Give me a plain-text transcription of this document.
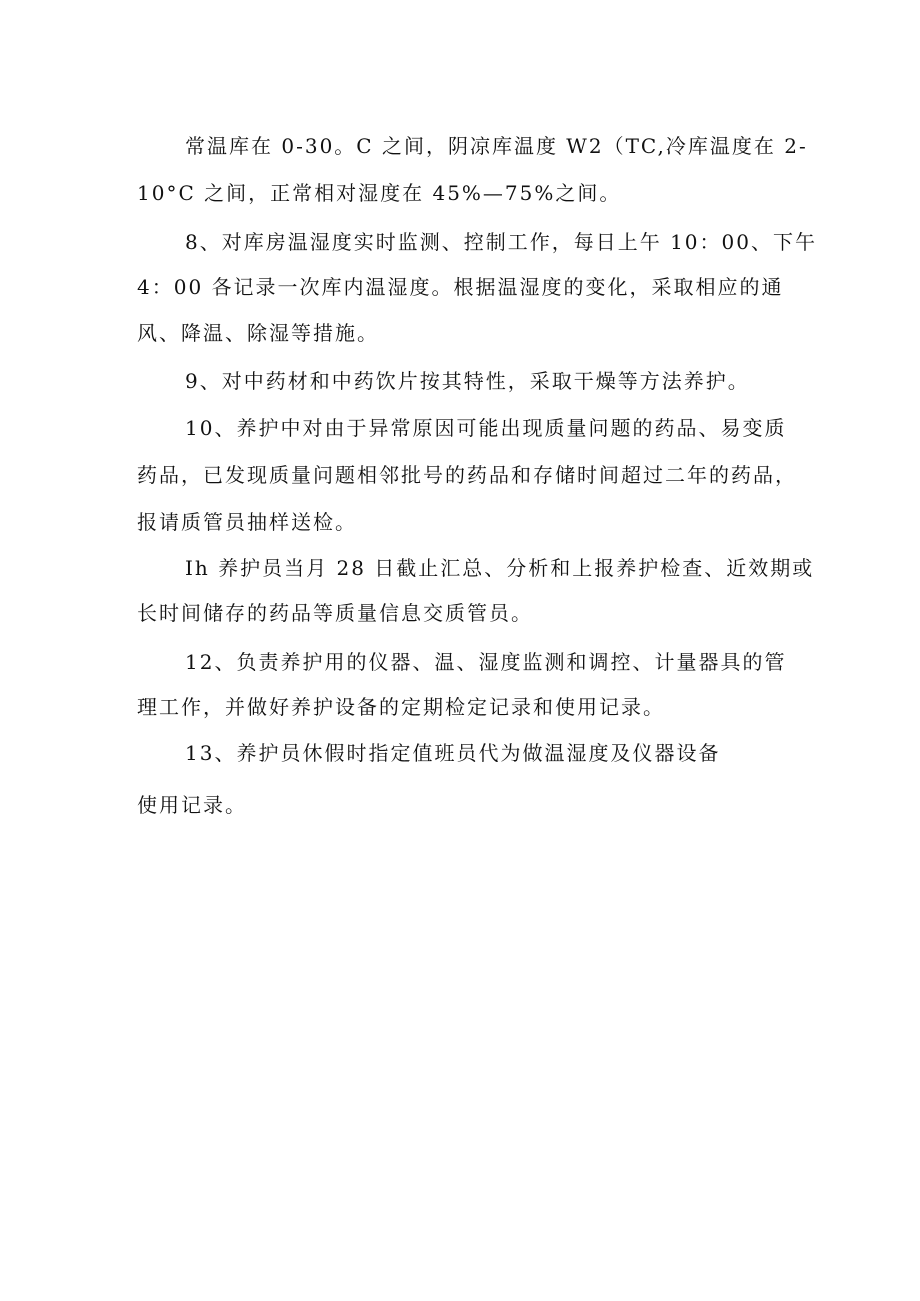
常温库在 0-30。C 之间，阴凉库温度 W2（TC,冷库温度在 2-
10°C 之间，正常相对湿度在 45%—75%之间。
8、对库房温湿度实时监测、控制工作，每日上午 10：00、下午
4：00 各记录一次库内温湿度。根据温湿度的变化，采取相应的通
风、降温、除湿等措施。
9、对中药材和中药饮片按其特性，采取干燥等方法养护。
10、养护中对由于异常原因可能出现质量问题的药品、易变质
药品，已发现质量问题相邻批号的药品和存储时间超过二年的药品，
报请质管员抽样送检。
Ih 养护员当月 28 日截止汇总、分析和上报养护检查、近效期或
长时间储存的药品等质量信息交质管员。
12、负责养护用的仪器、温、湿度监测和调控、计量器具的管
理工作，并做好养护设备的定期检定记录和使用记录。
13、养护员休假时指定值班员代为做温湿度及仪器设备
使用记录。
